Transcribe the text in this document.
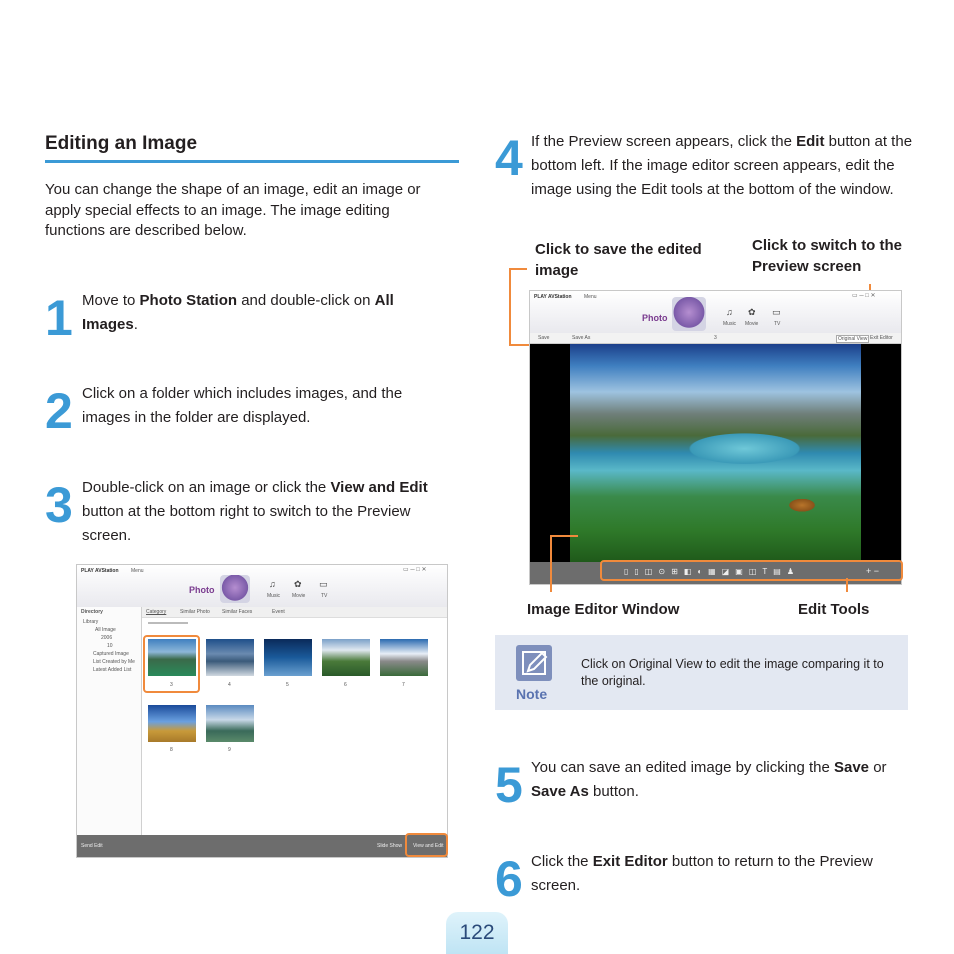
Editing an Image
You can change the shape of an image, edit an image or apply special effects to an image. The image editing functions are described below.
1 Move to Photo Station and double-click on All Images.
2 Click on a folder which includes images, and the images in the folder are displayed.
3 Double-click on an image or click the View and Edit button at the bottom right to switch to the Preview screen.
PLAY AVStation Menu	▭ ─ □ ✕
Photo
♫
Music
✿
Movie
▭
TV
Directory
Library
All Image
2006
10
Captured Image
List Created by Me
Latest Added List
Category	Similar Photo Similar Faces	Event
3	4	5	6	7
8	9
Send Edit	Slide Show View and Edit
4 If the Preview screen appears, click the Edit button at the bottom left. If the image editor screen appears, edit the image using the Edit tools at the bottom of the window.
Click to save the edited image
Click to switch to the Preview screen
PLAY AVStation Menu	▭ ─ □ ✕
Photo
♫
Music
✿
Movie
▭
TV
Save	Save As	3	Original View Exit Editor
▯▯◫⊙⊞◧◐▦◪▣◫T▤♟	+ −
Image Editor Window	Edit Tools
Note
Click on Original View to edit the image comparing it to the original.
5 You can save an edited image by clicking the Save or Save As button.
6 Click the Exit Editor button to return to the Preview screen.
122
